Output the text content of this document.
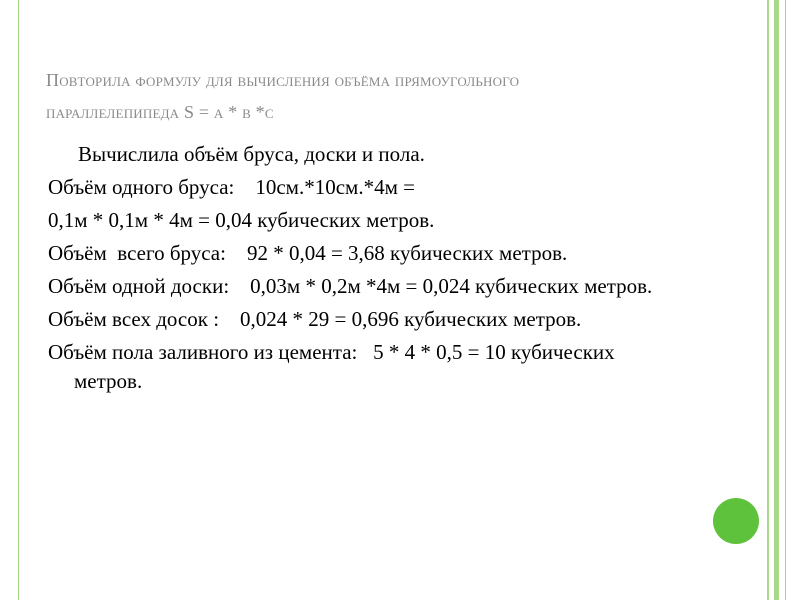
Повторила формулу для вычисления объёма прямоугольного
параллелепипеда S = а * в *с
Вычислила объём бруса, доски и пола.
Объём одного бруса:    10см.*10см.*4м =
0,1м * 0,1м * 4м = 0,04 кубических метров.
Объём  всего бруса:    92 * 0,04 = 3,68 кубических метров.
Объём одной доски:    0,03м * 0,2м *4м = 0,024 кубических метров.
Объём всех досок :    0,024 * 29 = 0,696 кубических метров.
Объём пола заливного из цемента:   5 * 4 * 0,5 = 10 кубических метров.
